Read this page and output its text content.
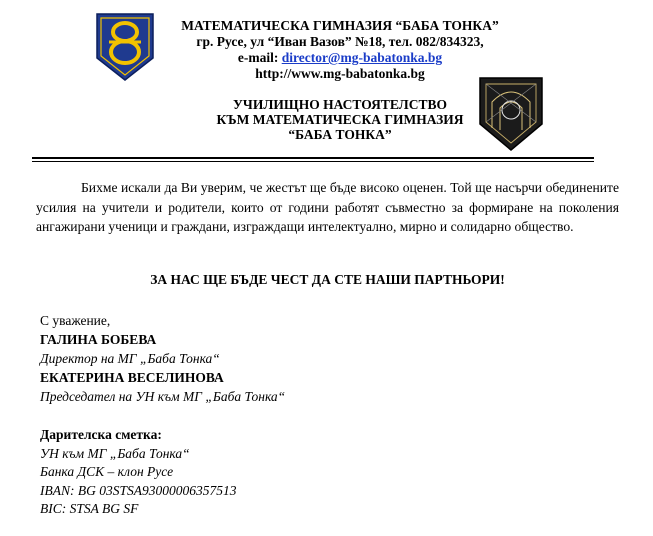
МАТЕМАТИЧЕСКА ГИМНАЗИЯ “БАБА ТОНКА”
гр. Русе, ул “Иван Вазов” №18, тел. 082/834323,
e-mail: director@mg-babatonka.bg
http://www.mg-babatonka.bg
УЧИЛИЩНО НАСТОЯТЕЛСТВО
КЪМ МАТЕМАТИЧЕСКА ГИМНАЗИЯ
“БАБА ТОНКА”

Бихме искали да Ви уверим, че жестът ще бъде високо оценен. Той ще насърчи обединените усилия на учители и родители, които от години работят съвместно за формиране на поколения ангажирани ученици и граждани, изграждащи интелектуално, мирно и солидарно общество.

ЗА НАС ЩЕ БЪДЕ ЧЕСТ ДА СТЕ НАШИ ПАРТНЬОРИ!
С уважение,
ГАЛИНА БОБЕВА
Директор на МГ „Баба Тонка“
ЕКАТЕРИНА ВЕСЕЛИНОВА
Председател на УН към МГ „Баба Тонка“
Дарителска сметка:
УН към МГ „Баба Тонка“
Банка ДСК – клон Русе
IBAN: BG 03STSA93000006357513
BIC: STSA BG SF
